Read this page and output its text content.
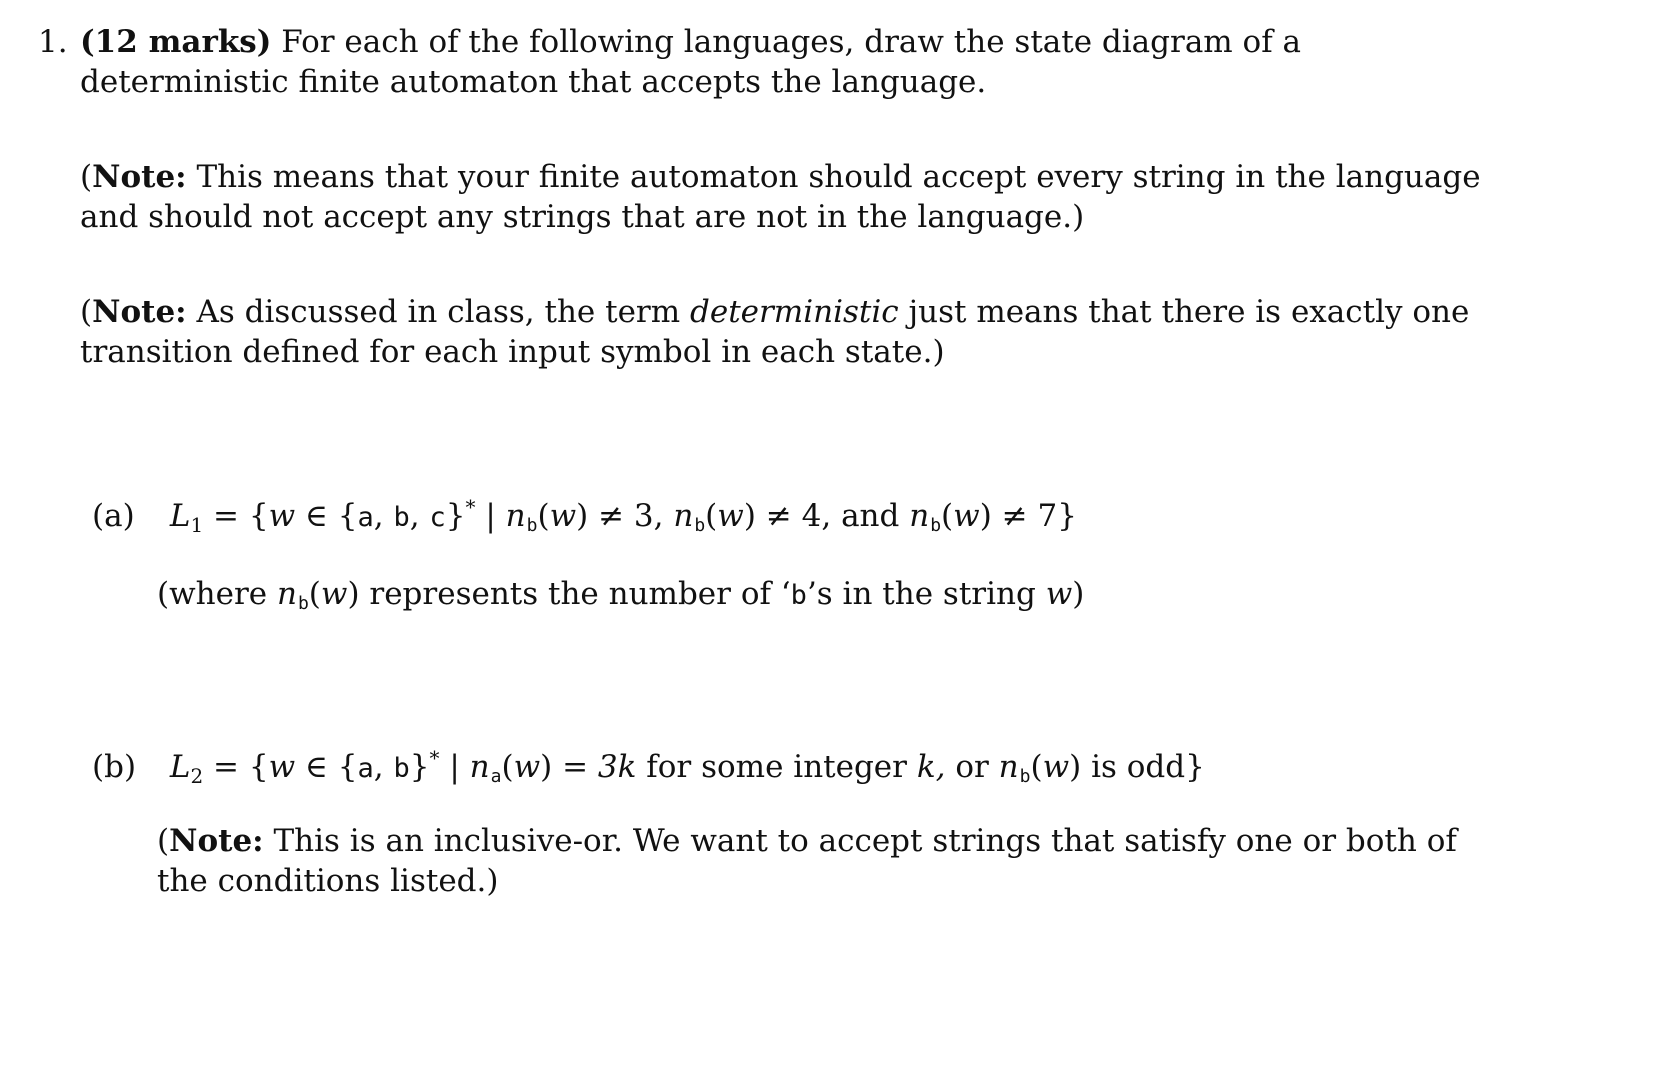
1. (12 marks) For each of the following languages, draw the state diagram of a deterministic finite automaton that accepts the language.
(Note: This means that your finite automaton should accept every string in the language and should not accept any strings that are not in the language.)
(Note: As discussed in class, the term deterministic just means that there is exactly one transition defined for each input symbol in each state.)
(a) L1 = {w ∈ {a, b, c}* | nb(w) ≠ 3, nb(w) ≠ 4, and nb(w) ≠ 7}
(where nb(w) represents the number of ‘b’s in the string w)
(b) L2 = {w ∈ {a, b}* | na(w) = 3k for some integer k, or nb(w) is odd}
(Note: This is an inclusive-or. We want to accept strings that satisfy one or both of the conditions listed.)
